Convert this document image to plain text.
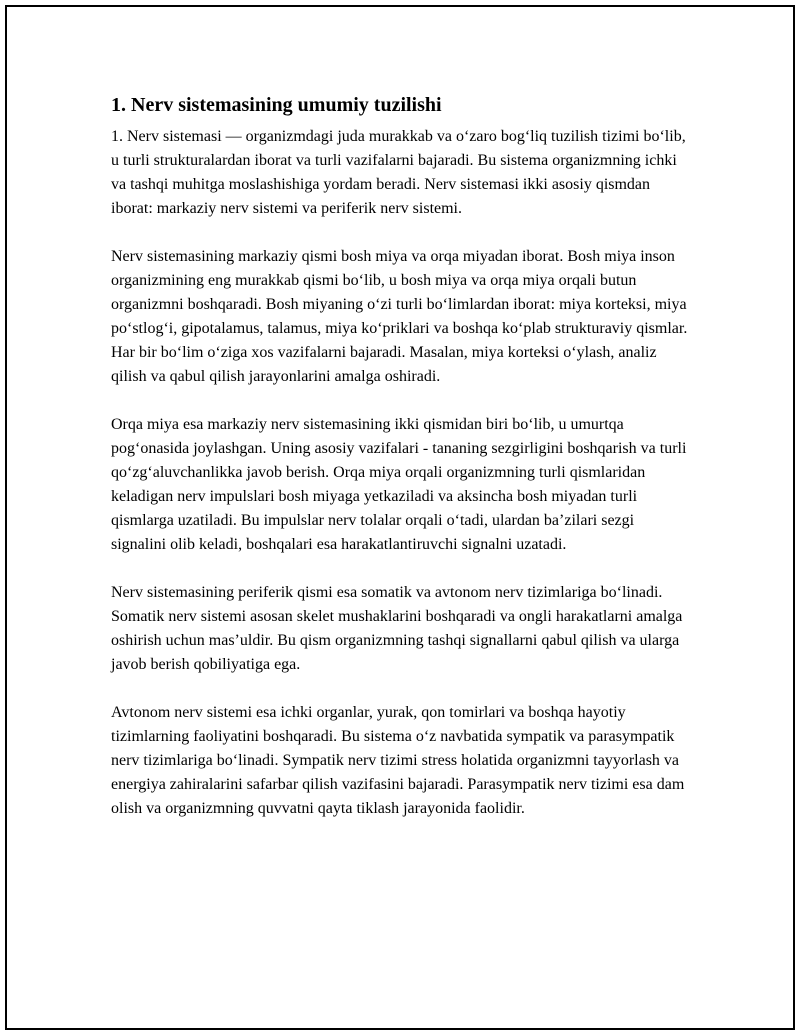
1. Nerv sistemasining umumiy tuzilishi

1. Nerv sistemasi — organizmdagi juda murakkab va o‘zaro bog‘liq tuzilish tizimi bo‘lib, u turli strukturalardan iborat va turli vazifalarni bajaradi. Bu sistema organizmning ichki va tashqi muhitga moslashishiga yordam beradi. Nerv sistemasi ikki asosiy qismdan iborat: markaziy nerv sistemi va periferik nerv sistemi.

Nerv sistemasining markaziy qismi bosh miya va orqa miyadan iborat. Bosh miya inson organizmining eng murakkab qismi bo‘lib, u bosh miya va orqa miya orqali butun organizmni boshqaradi. Bosh miyaning o‘zi turli bo‘limlardan iborat: miya korteksi, miya po‘stlog‘i, gipotalamus, talamus, miya ko‘priklari va boshqa ko‘plab strukturaviy qismlar. Har bir bo‘lim o‘ziga xos vazifalarni bajaradi. Masalan, miya korteksi o‘ylash, analiz qilish va qabul qilish jarayonlarini amalga oshiradi.

Orqa miya esa markaziy nerv sistemasining ikki qismidan biri bo‘lib, u umurtqa pog‘onasida joylashgan. Uning asosiy vazifalari - tananing sezgirligini boshqarish va turli qo‘zg‘aluvchanlikka javob berish. Orqa miya orqali organizmning turli qismlaridan keladigan nerv impulslari bosh miyaga yetkaziladi va aksincha bosh miyadan turli qismlarga uzatiladi. Bu impulslar nerv tolalar orqali o‘tadi, ulardan ba’zilari sezgi signalini olib keladi, boshqalari esa harakatlantiruvchi signalni uzatadi.

Nerv sistemasining periferik qismi esa somatik va avtonom nerv tizimlariga bo‘linadi. Somatik nerv sistemi asosan skelet mushaklarini boshqaradi va ongli harakatlarni amalga oshirish uchun mas’uldir. Bu qism organizmning tashqi signallarni qabul qilish va ularga javob berish qobiliyatiga ega.

Avtonom nerv sistemi esa ichki organlar, yurak, qon tomirlari va boshqa hayotiy tizimlarning faoliyatini boshqaradi. Bu sistema o‘z navbatida sympatik va parasympatik nerv tizimlariga bo‘linadi. Sympatik nerv tizimi stress holatida organizmni tayyorlash va energiya zahiralarini safarbar qilish vazifasini bajaradi. Parasympatik nerv tizimi esa dam olish va organizmning quvvatni qayta tiklash jarayonida faolidir.
